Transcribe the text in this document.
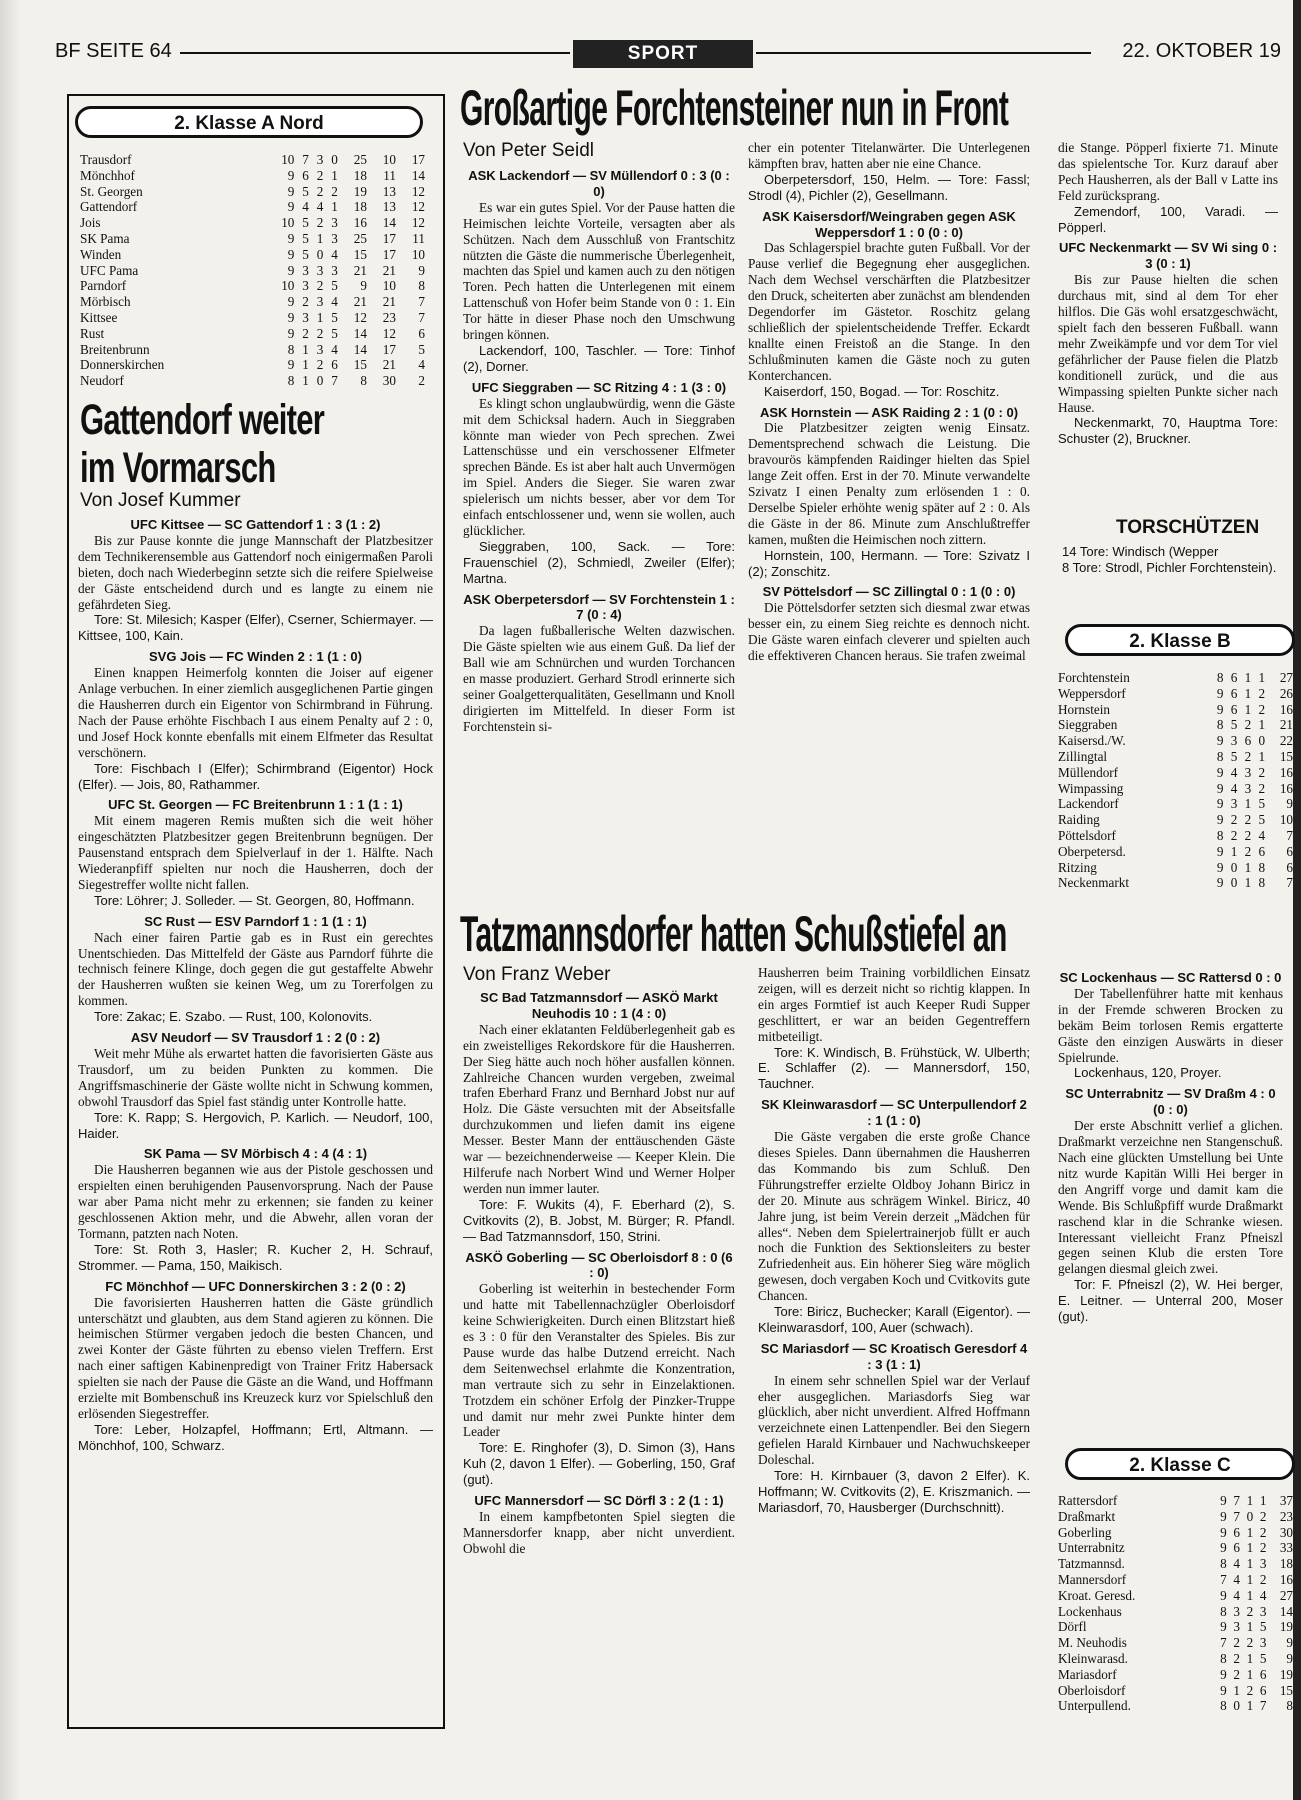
BF SEITE 64	SPORT	22. OKTOBER 19
2. Klasse A Nord
Trausdorf	10	7	3	0	25	10	17
Mönchhof	9	6	2	1	18	11	14
St. Georgen	9	5	2	2	19	13	12
Gattendorf	9	4	4	1	18	13	12
Jois	10	5	2	3	16	14	12
SK Pama	9	5	1	3	25	17	11
Winden	9	5	0	4	15	17	10
UFC Pama	9	3	3	3	21	21	9
Parndorf	10	3	2	5	9	10	8
Mörbisch	9	2	3	4	21	21	7
Kittsee	9	3	1	5	12	23	7
Rust	9	2	2	5	14	12	6
Breitenbrunn	8	1	3	4	14	17	5
Donnerskirchen	9	1	2	6	15	21	4
Neudorf	8	1	0	7	8	30	2
Gattendorf weiter
im Vormarsch
Von Josef Kummer
UFC Kittsee — SC Gattendorf 1 : 3 (1 : 2)

Bis zur Pause konnte die junge Mannschaft der Platzbesitzer dem Technikerensemble aus Gattendorf noch einigermaßen Paroli bieten, doch nach Wiederbeginn setzte sich die reifere Spielweise der Gäste entscheidend durch und es langte zu einem nie gefährdeten Sieg.

Tore: St. Milesich; Kasper (Elfer), Cserner, Schiermayer. — Kittsee, 100, Kain.

SVG Jois — FC Winden 2 : 1 (1 : 0)

Einen knappen Heimerfolg konnten die Joiser auf eigener Anlage verbuchen. In einer ziemlich ausgeglichenen Partie gingen die Hausherren durch ein Eigentor von Schirmbrand in Führung. Nach der Pause erhöhte Fischbach I aus einem Penalty auf 2 : 0, und Josef Hock konnte ebenfalls mit einem Elfmeter das Resultat verschönern.

Tore: Fischbach I (Elfer); Schirmbrand (Eigentor) Hock (Elfer). — Jois, 80, Rathammer.

UFC St. Georgen — FC Breitenbrunn 1 : 1 (1 : 1)

Mit einem mageren Remis mußten sich die weit höher eingeschätzten Platzbesitzer gegen Breitenbrunn begnügen. Der Pausenstand entsprach dem Spielverlauf in der 1. Hälfte. Nach Wiederanpfiff spielten nur noch die Hausherren, doch der Siegestreffer wollte nicht fallen.

Tore: Löhrer; J. Solleder. — St. Georgen, 80, Hoffmann.

SC Rust — ESV Parndorf 1 : 1 (1 : 1)

Nach einer fairen Partie gab es in Rust ein gerechtes Unentschieden. Das Mittelfeld der Gäste aus Parndorf führte die technisch feinere Klinge, doch gegen die gut gestaffelte Abwehr der Hausherren wußten sie keinen Weg, um zu Torerfolgen zu kommen.

Tore: Zakac; E. Szabo. — Rust, 100, Kolonovits.

ASV Neudorf — SV Trausdorf 1 : 2 (0 : 2)

Weit mehr Mühe als erwartet hatten die favorisierten Gäste aus Trausdorf, um zu beiden Punkten zu kommen. Die Angriffsmaschinerie der Gäste wollte nicht in Schwung kommen, obwohl Trausdorf das Spiel fast ständig unter Kontrolle hatte.

Tore: K. Rapp; S. Hergovich, P. Karlich. — Neudorf, 100, Haider.

SK Pama — SV Mörbisch 4 : 4 (4 : 1)

Die Hausherren begannen wie aus der Pistole geschossen und erspielten einen beruhigenden Pausenvorsprung. Nach der Pause war aber Pama nicht mehr zu erkennen; sie fanden zu keiner geschlossenen Aktion mehr, und die Abwehr, allen voran der Tormann, patzten nach Noten.

Tore: St. Roth 3, Hasler; R. Kucher 2, H. Schrauf, Strommer. — Pama, 150, Maikisch.

FC Mönchhof — UFC Donnerskirchen 3 : 2 (0 : 2)

Die favorisierten Hausherren hatten die Gäste gründlich unterschätzt und glaubten, aus dem Stand agieren zu können. Die heimischen Stürmer vergaben jedoch die besten Chancen, und zwei Konter der Gäste führten zu ebenso vielen Treffern. Erst nach einer saftigen Kabinenpredigt von Trainer Fritz Habersack spielten sie nach der Pause die Gäste an die Wand, und Hoffmann erzielte mit Bombenschuß ins Kreuzeck kurz vor Spielschluß den erlösenden Siegestreffer.

Tore: Leber, Holzapfel, Hoffmann; Ertl, Altmann. — Mönchhof, 100, Schwarz.

Großartige Forchtensteiner nun in Front
Von Peter Seidl
ASK Lackendorf — SV Müllendorf 0 : 3 (0 : 0)

Es war ein gutes Spiel. Vor der Pause hatten die Heimischen leichte Vorteile, versagten aber als Schützen. Nach dem Ausschluß von Frantschitz nützten die Gäste die nummerische Überlegenheit, machten das Spiel und kamen auch zu den nötigen Toren. Pech hatten die Unterlegenen mit einem Lattenschuß von Hofer beim Stande von 0 : 1. Ein Tor hätte in dieser Phase noch den Umschwung bringen können.

Lackendorf, 100, Taschler. — Tore: Tinhof (2), Dorner.

UFC Sieggraben — SC Ritzing 4 : 1 (3 : 0)

Es klingt schon unglaubwürdig, wenn die Gäste mit dem Schicksal hadern. Auch in Sieggraben könnte man wieder von Pech sprechen. Zwei Lattenschüsse und ein verschossener Elfmeter sprechen Bände. Es ist aber halt auch Unvermögen im Spiel. Anders die Sieger. Sie waren zwar spielerisch um nichts besser, aber vor dem Tor einfach entschlossener und, wenn sie wollen, auch glücklicher.

Sieggraben, 100, Sack. — Tore: Frauenschiel (2), Schmiedl, Zweiler (Elfer); Martna.

ASK Oberpetersdorf — SV Forchtenstein 1 : 7 (0 : 4)

Da lagen fußballerische Welten dazwischen. Die Gäste spielten wie aus einem Guß. Da lief der Ball wie am Schnürchen und wurden Torchancen en masse produziert. Gerhard Strodl erinnerte sich seiner Goalgetterqualitäten, Gesellmann und Knoll dirigierten im Mittelfeld. In dieser Form ist Forchtenstein si-

cher ein potenter Titelanwärter. Die Unterlegenen kämpften brav, hatten aber nie eine Chance.

Oberpetersdorf, 150, Helm. — Tore: Fassl; Strodl (4), Pichler (2), Gesellmann.

ASK Kaisersdorf/Weingraben gegen ASK Weppersdorf 1 : 0 (0 : 0)

Das Schlagerspiel brachte guten Fußball. Vor der Pause verlief die Begegnung eher ausgeglichen. Nach dem Wechsel verschärften die Platzbesitzer den Druck, scheiterten aber zunächst am blendenden Degendorfer im Gästetor. Roschitz gelang schließlich der spielentscheidende Treffer. Eckardt knallte einen Freistoß an die Stange. In den Schlußminuten kamen die Gäste noch zu guten Konterchancen.

Kaiserdorf, 150, Bogad. — Tor: Roschitz.

ASK Hornstein — ASK Raiding 2 : 1 (0 : 0)

Die Platzbesitzer zeigten wenig Einsatz. Dementsprechend schwach die Leistung. Die bravourös kämpfenden Raidinger hielten das Spiel lange Zeit offen. Erst in der 70. Minute verwandelte Szivatz I einen Penalty zum erlösenden 1 : 0. Derselbe Spieler erhöhte wenig später auf 2 : 0. Als die Gäste in der 86. Minute zum Anschlußtreffer kamen, mußten die Heimischen noch zittern.

Hornstein, 100, Hermann. — Tore: Szivatz I (2); Zonschitz.

SV Pöttelsdorf — SC Zillingtal 0 : 1 (0 : 0)

Die Pöttelsdorfer setzten sich diesmal zwar etwas besser ein, zu einem Sieg reichte es dennoch nicht. Die Gäste waren einfach cleverer und spielten auch die effektiveren Chancen heraus. Sie trafen zweimal

die Stange. Pöpperl fixierte 71. Minute das spielentsche Tor. Kurz darauf aber Pech Hausherren, als der Ball v Latte ins Feld zurücksprang.

Zemendorf, 100, Varadi. — Pöpperl.

UFC Neckenmarkt — SV Wi sing 0 : 3 (0 : 1)

Bis zur Pause hielten die schen durchaus mit, sind al dem Tor eher hilflos. Die Gäs wohl ersatzgeschwächt, spielt fach den besseren Fußball. wann mehr Zweikämpfe und vor dem Tor viel gefährlicher der Pause fielen die Platzb konditionell zurück, und die aus Wimpassing spielten Punkte sicher nach Hause.

Neckenmarkt, 70, Hauptma Tore: Schuster (2), Bruckner.

TORSCHÜTZEN
14 Tore: Windisch (Wepper
8 Tore: Strodl, Pichler Forchtenstein).
2. Klasse B
Forchtenstein	8	6	1	1	27
Weppersdorf	9	6	1	2	26
Hornstein	9	6	1	2	16
Sieggraben	8	5	2	1	21
Kaisersd./W.	9	3	6	0	22
Zillingtal	8	5	2	1	15
Müllendorf	9	4	3	2	16
Wimpassing	9	4	3	2	16
Lackendorf	9	3	1	5	9
Raiding	9	2	2	5	10
Pöttelsdorf	8	2	2	4	7
Oberpetersd.	9	1	2	6	6
Ritzing	9	0	1	8	6
Neckenmarkt	9	0	1	8	7
Tatzmannsdorfer hatten Schußstiefel an
Von Franz Weber
SC Bad Tatzmannsdorf — ASKÖ Markt Neuhodis 10 : 1 (4 : 0)

Nach einer eklatanten Feldüberlegenheit gab es ein zweistelliges Rekordskore für die Hausherren. Der Sieg hätte auch noch höher ausfallen können. Zahlreiche Chancen wurden vergeben, zweimal trafen Eberhard Franz und Bernhard Jobst nur auf Holz. Die Gäste versuchten mit der Abseitsfalle durchzukommen und liefen damit ins eigene Messer. Bester Mann der enttäuschenden Gäste war — bezeichnenderweise — Keeper Klein. Die Hilferufe nach Norbert Wind und Werner Holper werden nun immer lauter.

Tore: F. Wukits (4), F. Eberhard (2), S. Cvitkovits (2), B. Jobst, M. Bürger; R. Pfandl. — Bad Tatzmannsdorf, 150, Strini.

ASKÖ Goberling — SC Oberloisdorf 8 : 0 (6 : 0)

Goberling ist weiterhin in bestechender Form und hatte mit Tabellennachzügler Oberloisdorf keine Schwierigkeiten. Durch einen Blitzstart hieß es 3 : 0 für den Veranstalter des Spieles. Bis zur Pause wurde das halbe Dutzend erreicht. Nach dem Seitenwechsel erlahmte die Konzentration, man vertraute sich zu sehr in Einzelaktionen. Trotzdem ein schöner Erfolg der Pinzker-Truppe und damit nur mehr zwei Punkte hinter dem Leader

Tore: E. Ringhofer (3), D. Simon (3), Hans Kuh (2, davon 1 Elfer). — Goberling, 150, Graf (gut).

UFC Mannersdorf — SC Dörfl 3 : 2 (1 : 1)

In einem kampfbetonten Spiel siegten die Mannersdorfer knapp, aber nicht unverdient. Obwohl die

Hausherren beim Training vorbildlichen Einsatz zeigen, will es derzeit nicht so richtig klappen. In ein arges Formtief ist auch Keeper Rudi Supper geschlittert, er war an beiden Gegentreffern mitbeteiligt.

Tore: K. Windisch, B. Frühstück, W. Ulberth; E. Schlaffer (2). — Mannersdorf, 150, Tauchner.

SK Kleinwarasdorf — SC Unterpullendorf 2 : 1 (1 : 0)

Die Gäste vergaben die erste große Chance dieses Spieles. Dann übernahmen die Hausherren das Kommando bis zum Schluß. Den Führungstreffer erzielte Oldboy Johann Biricz in der 20. Minute aus schrägem Winkel. Biricz, 40 Jahre jung, ist beim Verein derzeit „Mädchen für alles“. Neben dem Spielertrainerjob füllt er auch noch die Funktion des Sektionsleiters zu bester Zufriedenheit aus. Ein höherer Sieg wäre möglich gewesen, doch vergaben Koch und Cvitkovits gute Chancen.

Tore: Biricz, Buchecker; Karall (Eigentor). — Kleinwarasdorf, 100, Auer (schwach).

SC Mariasdorf — SC Kroatisch Geresdorf 4 : 3 (1 : 1)

In einem sehr schnellen Spiel war der Verlauf eher ausgeglichen. Mariasdorfs Sieg war glücklich, aber nicht unverdient. Alfred Hoffmann verzeichnete einen Lattenpendler. Bei den Siegern gefielen Harald Kirnbauer und Nachwuchskeeper Doleschal.

Tore: H. Kirnbauer (3, davon 2 Elfer). K. Hoffmann; W. Cvitkovits (2), E. Kriszmanich. — Mariasdorf, 70, Hausberger (Durchschnitt).

SC Lockenhaus — SC Rattersd 0 : 0

Der Tabellenführer hatte mit kenhaus in der Fremde schweren Brocken zu bekäm Beim torlosen Remis ergatterte Gäste den einzigen Auswärts in dieser Spielrunde.

Lockenhaus, 120, Proyer.

SC Unterrabnitz — SV Draßm 4 : 0 (0 : 0)

Der erste Abschnitt verlief a glichen. Draßmarkt verzeichne nen Stangenschuß. Nach eine glückten Umstellung bei Unte nitz wurde Kapitän Willi Hei berger in den Angriff vorge und damit kam die Wende. Bis Schlußpfiff wurde Draßmarkt raschend klar in die Schranke wiesen. Interessant vielleicht Franz Pfneiszl gegen seinen Klub die ersten Tore gelangen diesmal gleich zwei.

Tor: F. Pfneiszl (2), W. Hei berger, E. Leitner. — Unterral 200, Moser (gut).

2. Klasse C
Rattersdorf	9	7	1	1	37
Draßmarkt	9	7	0	2	23
Goberling	9	6	1	2	30
Unterrabnitz	9	6	1	2	33
Tatzmannsd.	8	4	1	3	18
Mannersdorf	7	4	1	2	16
Kroat. Geresd.	9	4	1	4	27
Lockenhaus	8	3	2	3	14
Dörfl	9	3	1	5	19
M. Neuhodis	7	2	2	3	9
Kleinwarasd.	8	2	1	5	9
Mariasdorf	9	2	1	6	19
Oberloisdorf	9	1	2	6	15
Unterpullend.	8	0	1	7	8
